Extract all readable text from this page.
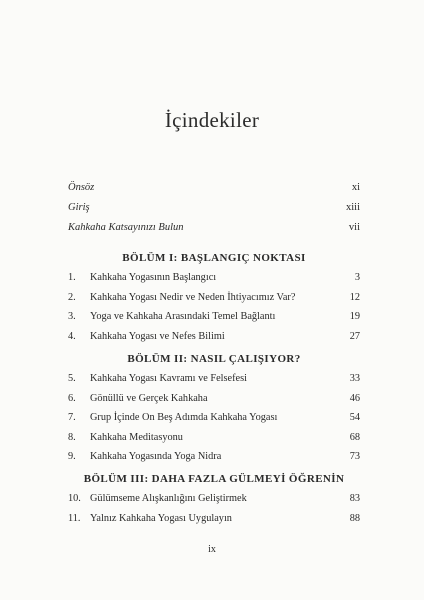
İçindekiler
Önsöz	xi
Giriş	xiii
Kahkaha Katsayınızı Bulun	vii
BÖLÜM I: BAŞLANGIÇ NOKTASI
1.	Kahkaha Yogasının Başlangıcı	3
2.	Kahkaha Yogası Nedir ve Neden İhtiyacımız Var?	12
3.	Yoga ve Kahkaha Arasındaki Temel Bağlantı	19
4.	Kahkaha Yogası ve Nefes Bilimi	27
BÖLÜM II: NASIL ÇALIŞIYOR?
5.	Kahkaha Yogası Kavramı ve Felsefesi	33
6.	Gönüllü ve Gerçek Kahkaha	46
7.	Grup İçinde On Beş Adımda Kahkaha Yogası	54
8.	Kahkaha Meditasyonu	68
9.	Kahkaha Yogasında Yoga Nidra	73
BÖLÜM III: DAHA FAZLA GÜLMEYİ ÖĞRENİN
10. Gülümseme Alışkanlığını Geliştirmek	83
11. Yalnız Kahkaha Yogası Uygulayın	88
ix
